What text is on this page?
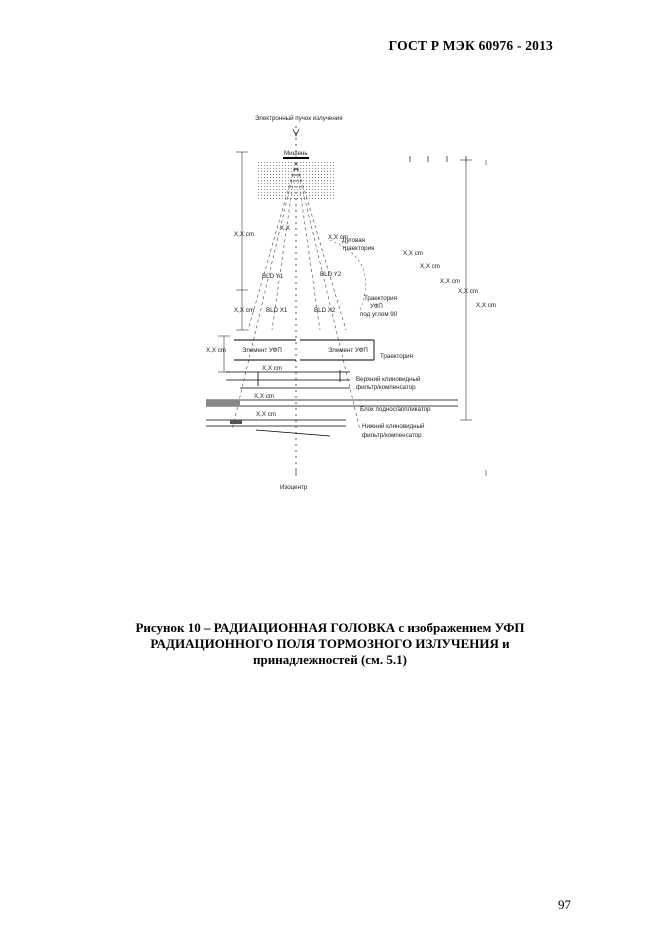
ГОСТ Р МЭК 60976 - 2013
Электронный пучок излучения
Мишень
X,X cm
X,X
X,X cm
Дуговая
траектория
BLD Y1	BLD Y2
X,X cm
X,X cm
X,X cm
X,X cm
X,X cm
Траектория
УФП
под углом 90
X,X cm BLD X1	BLD X2
X,X cm	Элемент УФП	Элемент УФП
Траектория
X,X cm
Верхний клиновидный
фильтр/компенсатор
X,X cm
Блок поднос/аппликатор
X,X cm
Нижний клиновидный
фильтр/компенсатор
Изоцентр
Рисунок 10 – РАДИАЦИОННАЯ ГОЛОВКА с изображением УФП
РАДИАЦИОННОГО ПОЛЯ ТОРМОЗНОГО ИЗЛУЧЕНИЯ и
принадлежностей (см. 5.1)
97
